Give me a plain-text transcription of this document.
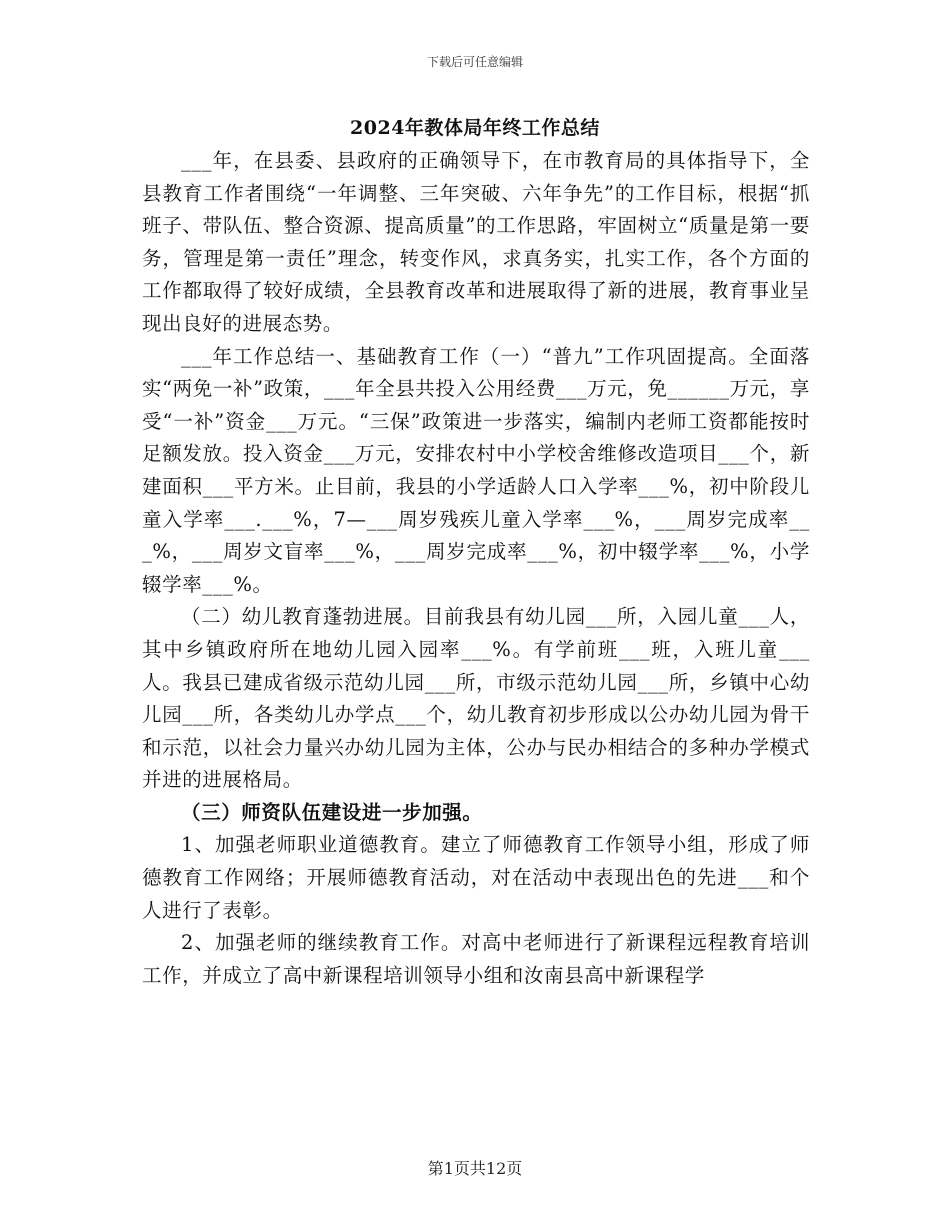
下载后可任意编辑
2024年教体局年终工作总结

___年，在县委、县政府的正确领导下，在市教育局的具体指导下，全县教育工作者围绕“一年调整、三年突破、六年争先”的工作目标，根据“抓班子、带队伍、整合资源、提高质量”的工作思路，牢固树立“质量是第一要务，管理是第一责任”理念，转变作风，求真务实，扎实工作，各个方面的工作都取得了较好成绩，全县教育改革和进展取得了新的进展，教育事业呈现出良好的进展态势。

___年工作总结一、基础教育工作（一）“普九”工作巩固提高。全面落实“两免一补”政策，___年全县共投入公用经费___万元，免______万元，享受“一补”资金___万元。“三保”政策进一步落实，编制内老师工资都能按时足额发放。投入资金___万元，安排农村中小学校舍维修改造项目___个，新建面积___平方米。止目前，我县的小学适龄人口入学率___%，初中阶段儿童入学率___.___%，7—___周岁残疾儿童入学率___%，___周岁完成率___%，___周岁文盲率___%，___周岁完成率___%，初中辍学率___%，小学辍学率___%。

（二）幼儿教育蓬勃进展。目前我县有幼儿园___所，入园儿童___人，其中乡镇政府所在地幼儿园入园率___%。有学前班___班，入班儿童___人。我县已建成省级示范幼儿园___所，市级示范幼儿园___所，乡镇中心幼儿园___所，各类幼儿办学点___个，幼儿教育初步形成以公办幼儿园为骨干和示范，以社会力量兴办幼儿园为主体，公办与民办相结合的多种办学模式并进的进展格局。

（三）师资队伍建设进一步加强。

1、加强老师职业道德教育。建立了师德教育工作领导小组，形成了师德教育工作网络；开展师德教育活动，对在活动中表现出色的先进___和个人进行了表彰。

2、加强老师的继续教育工作。对高中老师进行了新课程远程教育培训工作，并成立了高中新课程培训领导小组和汝南县高中新课程学

第1页共12页
